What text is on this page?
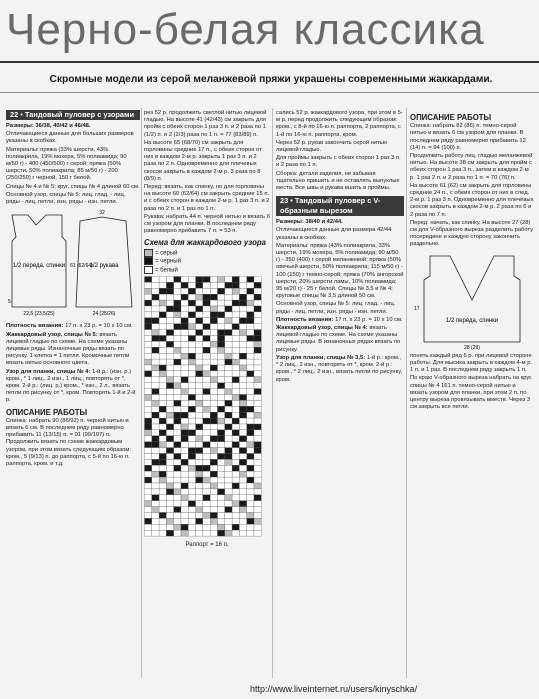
Черно-белая классика
Скромные модели из серой меланжевой пряжи украшены современными жаккардами.
22 • Тандовый пуловер с узорами

Размеры: 36/38, 40/42 и 46/48.

Отличающиеся данные для больших размеров указаны в скобках.

Материалы: пряжа (33% шерсти, 43% полиакрила, 19% мохера, 5% полиамида; 90 м/50 г) - 400 (450/500) г серой; пряжа (50% шерсти, 50% полиакрила; 85 м/50 г) - 200 (250/250) г черной, 150 г белой.

Спицы № 4 и № 5; круг. спицы № 4 длиной 60 см.

Основной узор, спицы № 5: лиц. глад. - лиц. ряды - лиц. петли, изн. ряды - изн. петли.

1/2 переда, спинки	1/2 рукава
22,5 (23,5/25)	24 (25/26)
61 (62/64)
32
5

Плотность вязания: 17 п. х 23 р. = 10 х 10 см.

Жаккардовый узор, спицы № 5: вязать лицевой гладью по схеме. На схеме указаны лицевые ряды. Изнаночные ряды вязать по рисунку. 1 клетка = 1 петля. Кромочные петли вязать нитью основного цвета.

Узор для планки, спицы № 4: 1-й р.: (изн. р.) кром., * 1 лиц., 2 изн., 1 лиц., повторять от *, кром. 2-й р.: (лиц. р.) кром., * изн., 2 л., вязать петли по рисунку от *, кром. Повторять 1-й и 2-й р.

ОПИСАНИЕ РАБОТЫ

Спинка: набрать 90 (86/92) п. черной нитью и вязать 6 см. В последнем ряду равномерно прибавить 11 (13/15) п. = 91 (99/107) п. Продолжить вязать по схеме жаккардовым узором, при этом вязать следующим образом: кром., 5 (9/13) п. до раппорта, с 5-й по 16-ю п. раппорта, кром. и т.д.

рез 52 р. продолжить светлой нитью лицевой гладью. На высоте 41 (42/43) см закрыть для пройм с обеих сторон 1 раз 3 п. и 2 раза по 1 (1/2) п. и 2 (2/3) раза по 1 п. = 77 (83/89) п.

На высоте 65 (68/70) см закрыть для горловины средние 17 п., с обеих сторон от них в каждом 2-м р. закрыть 1 раз 3 п. и 2 раза по 2 п. Одновременно для плечевых скосов закрыть в каждом 2-м р. 3 раза по 8 (8/9) п.

Перед: вязать, как спинку, но для горловины на высоте 60 (62/64) см закрыть средние 15 п. и с обеих сторон в каждом 2-м р. 1 раз 3 п. и 2 раза по 2 п. и 1 раз по 1 п.

Рукава: набрать 44 п. черной нитью и вязать 6 см узором для планки. В последнем ряду равномерно прибавить 7 п. = 53 п.

Схема для жаккардового узора
= серый
= черный
= белый
Раппорт = 16 п.

сались 52 р. жаккардового узора, при этом в 5-м р. перед продолжить следующим образом: кром., с 8-й по 16-ю п. раппорта, 2 раппорта, с 1-й по 16-ю п. раппорта, кром.

Через 52 р. рукав закончить серой нитью лицевой гладью.

Для проймы закрыть с обеих сторон 1 раз 3 п. и 2 раза по 1 п.

Сборка: детали изделия, не забывая тщательно пришить и не оставлять выпуклые места. Все швы и рукава вшить в проймы.

23 • Тандовый пуловер с V-образным вырезом

Размеры: 38/40 и 42/44.

Отличающиеся данные для размера 42/44 указаны в скобках.

Материалы: пряжа (43% полиакрила, 33% шерсти, 19% мохера, 5% полиамида; 90 м/50 г) - 350 (400) г серой меланжевой; пряжа (50% овечьей шерсти, 50% полиакрила; 115 м/50 г) - 100 (150) г темно-серой; пряжа (70% ангорской шерсти, 20% шерсти ламы, 10% полиамида; 95 м/20 г) - 25 г белой. Спицы № 3,5 и № 4; круговые спицы № 3,5 длиной 50 см.

Основной узор, спицы № 5: лиц. глад. - лиц. ряды - лиц. петли, изн. ряды - изн. петли.

Плотность вязания: 17 п. х 23 р. = 10 х 10 см.

Жаккардовый узор, спицы № 4: вязать лицевой гладью по схеме. На схеме указаны лицевые ряды. В изнаночных рядах вязать по рисунку.

Узор для планки, спицы № 3,5: 1-й р.: кром., * 2 лиц., 2 изн., повторять от *, кром. 2-й р.: кром., * 2 лиц., 2 изн., вязать петли по рисунку, кром.

ОПИСАНИЕ РАБОТЫ

Спинка: набрать 82 (86) п. темно-серой нитью и вязать 6 см узором для планки. В последнем ряду равномерно прибавить 12 (14) п. = 94 (100) п.

Продолжить работу лиц. гладью меланжевой нитью. На высоте 38 см закрыть для пройм с обеих сторон 1 раз 3 п., затем в каждом 2-м р. 1 раз 2 п. и 2 раза по 1 п. = 70 (76) п.

На высоте 61 (62) см закрыть для горловины средние 24 п., с обеих сторон от них в след. 2-м р. 1 раз 3 п. Одновременно для плечевых скосов закрыть в каждом 2-м р. 2 раза по 6 и 2 раза по 7 п.

Перед: начать, как спинку. На высоте 27 (28) см для V-образного выреза разделить работу посередине и каждую сторону закончить раздельно.

1/2 переда, спинки
28 (29)
17

понять каждый ряд 6 р. при лицевой стороне работы. Для мысика закрыть в каждом 4-м р. 1 п. и 1 раз. В последнем ряду закрыть 1 п.

По краю V-образного выреза набрать на круг. спицы № 4 161 п. темно-серой нитью и вязать узором для планки, при этом 2 п. по центру выреза провязывать вместе. Через 3 см закрыть все петли.

http://www.liveinternet.ru/users/kinyschka/
